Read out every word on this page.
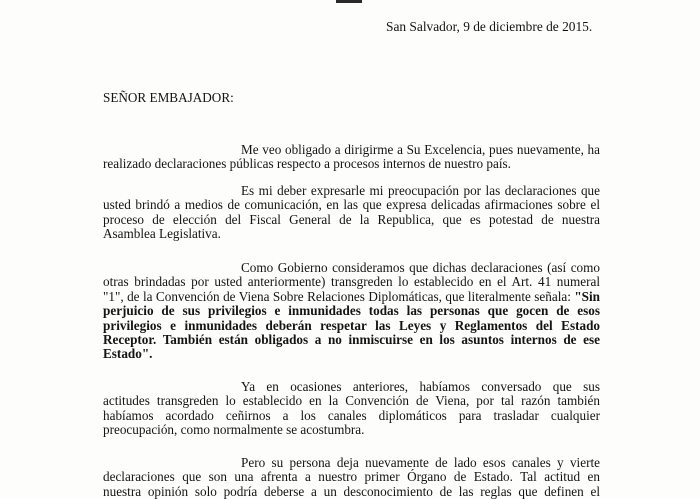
San Salvador, 9 de diciembre de 2015.
SEÑOR EMBAJADOR:
Me veo obligado a dirigirme a Su Excelencia, pues nuevamente, ha
realizado declaraciones públicas respecto a procesos internos de nuestro país.
Es mi deber expresarle mi preocupación por las declaraciones que
usted brindó a medios de comunicación, en las que expresa delicadas afirmaciones sobre el
proceso de elección del Fiscal General de la Republica, que es potestad de nuestra
Asamblea Legislativa.
Como Gobierno consideramos que dichas declaraciones (así como
otras brindadas por usted anteriormente) transgreden lo establecido en el Art. 41 numeral
"1", de la Convención de Viena Sobre Relaciones Diplomáticas, que literalmente señala: "Sin
perjuicio de sus privilegios e inmunidades todas las personas que gocen de esos
privilegios e inmunidades deberán respetar las Leyes y Reglamentos del Estado
Receptor. También están obligados a no inmiscuirse en los asuntos internos de ese
Estado".
Ya en ocasiones anteriores, habíamos conversado que sus
actitudes transgreden lo establecido en la Convención de Viena, por tal razón también
habíamos acordado ceñirnos a los canales diplomáticos para trasladar cualquier
preocupación, como normalmente se acostumbra.
Pero su persona deja nuevamente de lado esos canales y vierte
declaraciones que son una afrenta a nuestro primer Órgano de Estado. Tal actitud en
nuestra opinión solo podría deberse a un desconocimiento de las reglas que definen el
